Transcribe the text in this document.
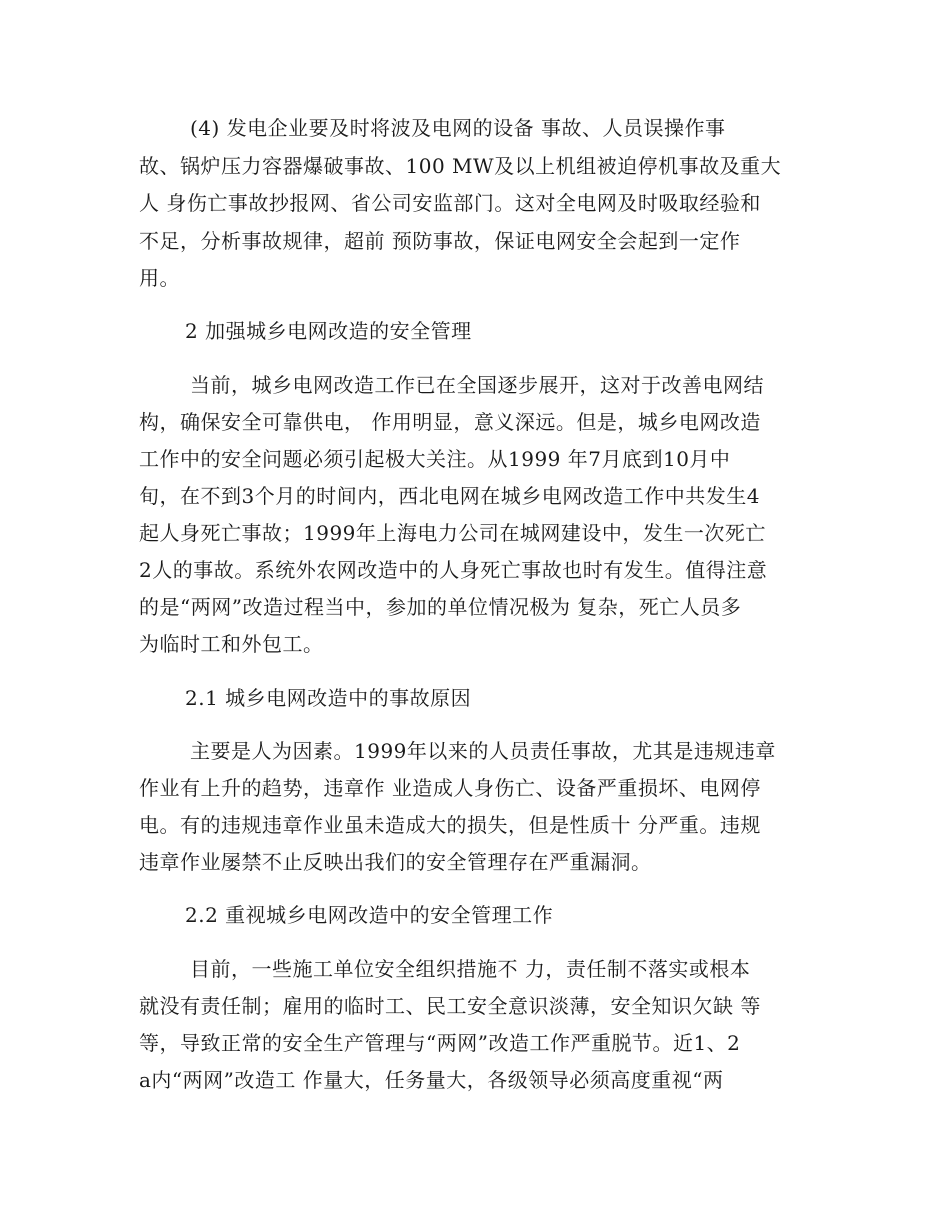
(4) 发电企业要及时将波及电网的设备 事故、人员误操作事
故、锅炉压力容器爆破事故、100 MW及以上机组被迫停机事故及重大
人 身伤亡事故抄报网、省公司安监部门。这对全电网及时吸取经验和
不足，分析事故规律，超前 预防事故，保证电网安全会起到一定作
用。
2 加强城乡电网改造的安全管理
当前，城乡电网改造工作已在全国逐步展开，这对于改善电网结
构，确保安全可靠供电， 作用明显，意义深远。但是，城乡电网改造
工作中的安全问题必须引起极大关注。从1999 年7月底到10月中
旬，在不到3个月的时间内，西北电网在城乡电网改造工作中共发生4
起人身死亡事故；1999年上海电力公司在城网建设中，发生一次死亡
2人的事故。系统外农网改造中的人身死亡事故也时有发生。值得注意
的是“两网”改造过程当中，参加的单位情况极为 复杂，死亡人员多
为临时工和外包工。
2.1 城乡电网改造中的事故原因
主要是人为因素。1999年以来的人员责任事故，尤其是违规违章
作业有上升的趋势，违章作 业造成人身伤亡、设备严重损坏、电网停
电。有的违规违章作业虽未造成大的损失，但是性质十 分严重。违规
违章作业屡禁不止反映出我们的安全管理存在严重漏洞。
2.2 重视城乡电网改造中的安全管理工作
目前，一些施工单位安全组织措施不 力，责任制不落实或根本
就没有责任制；雇用的临时工、民工安全意识淡薄，安全知识欠缺 等
等，导致正常的安全生产管理与“两网”改造工作严重脱节。近1、2
a内“两网”改造工 作量大，任务量大，各级领导必须高度重视“两
